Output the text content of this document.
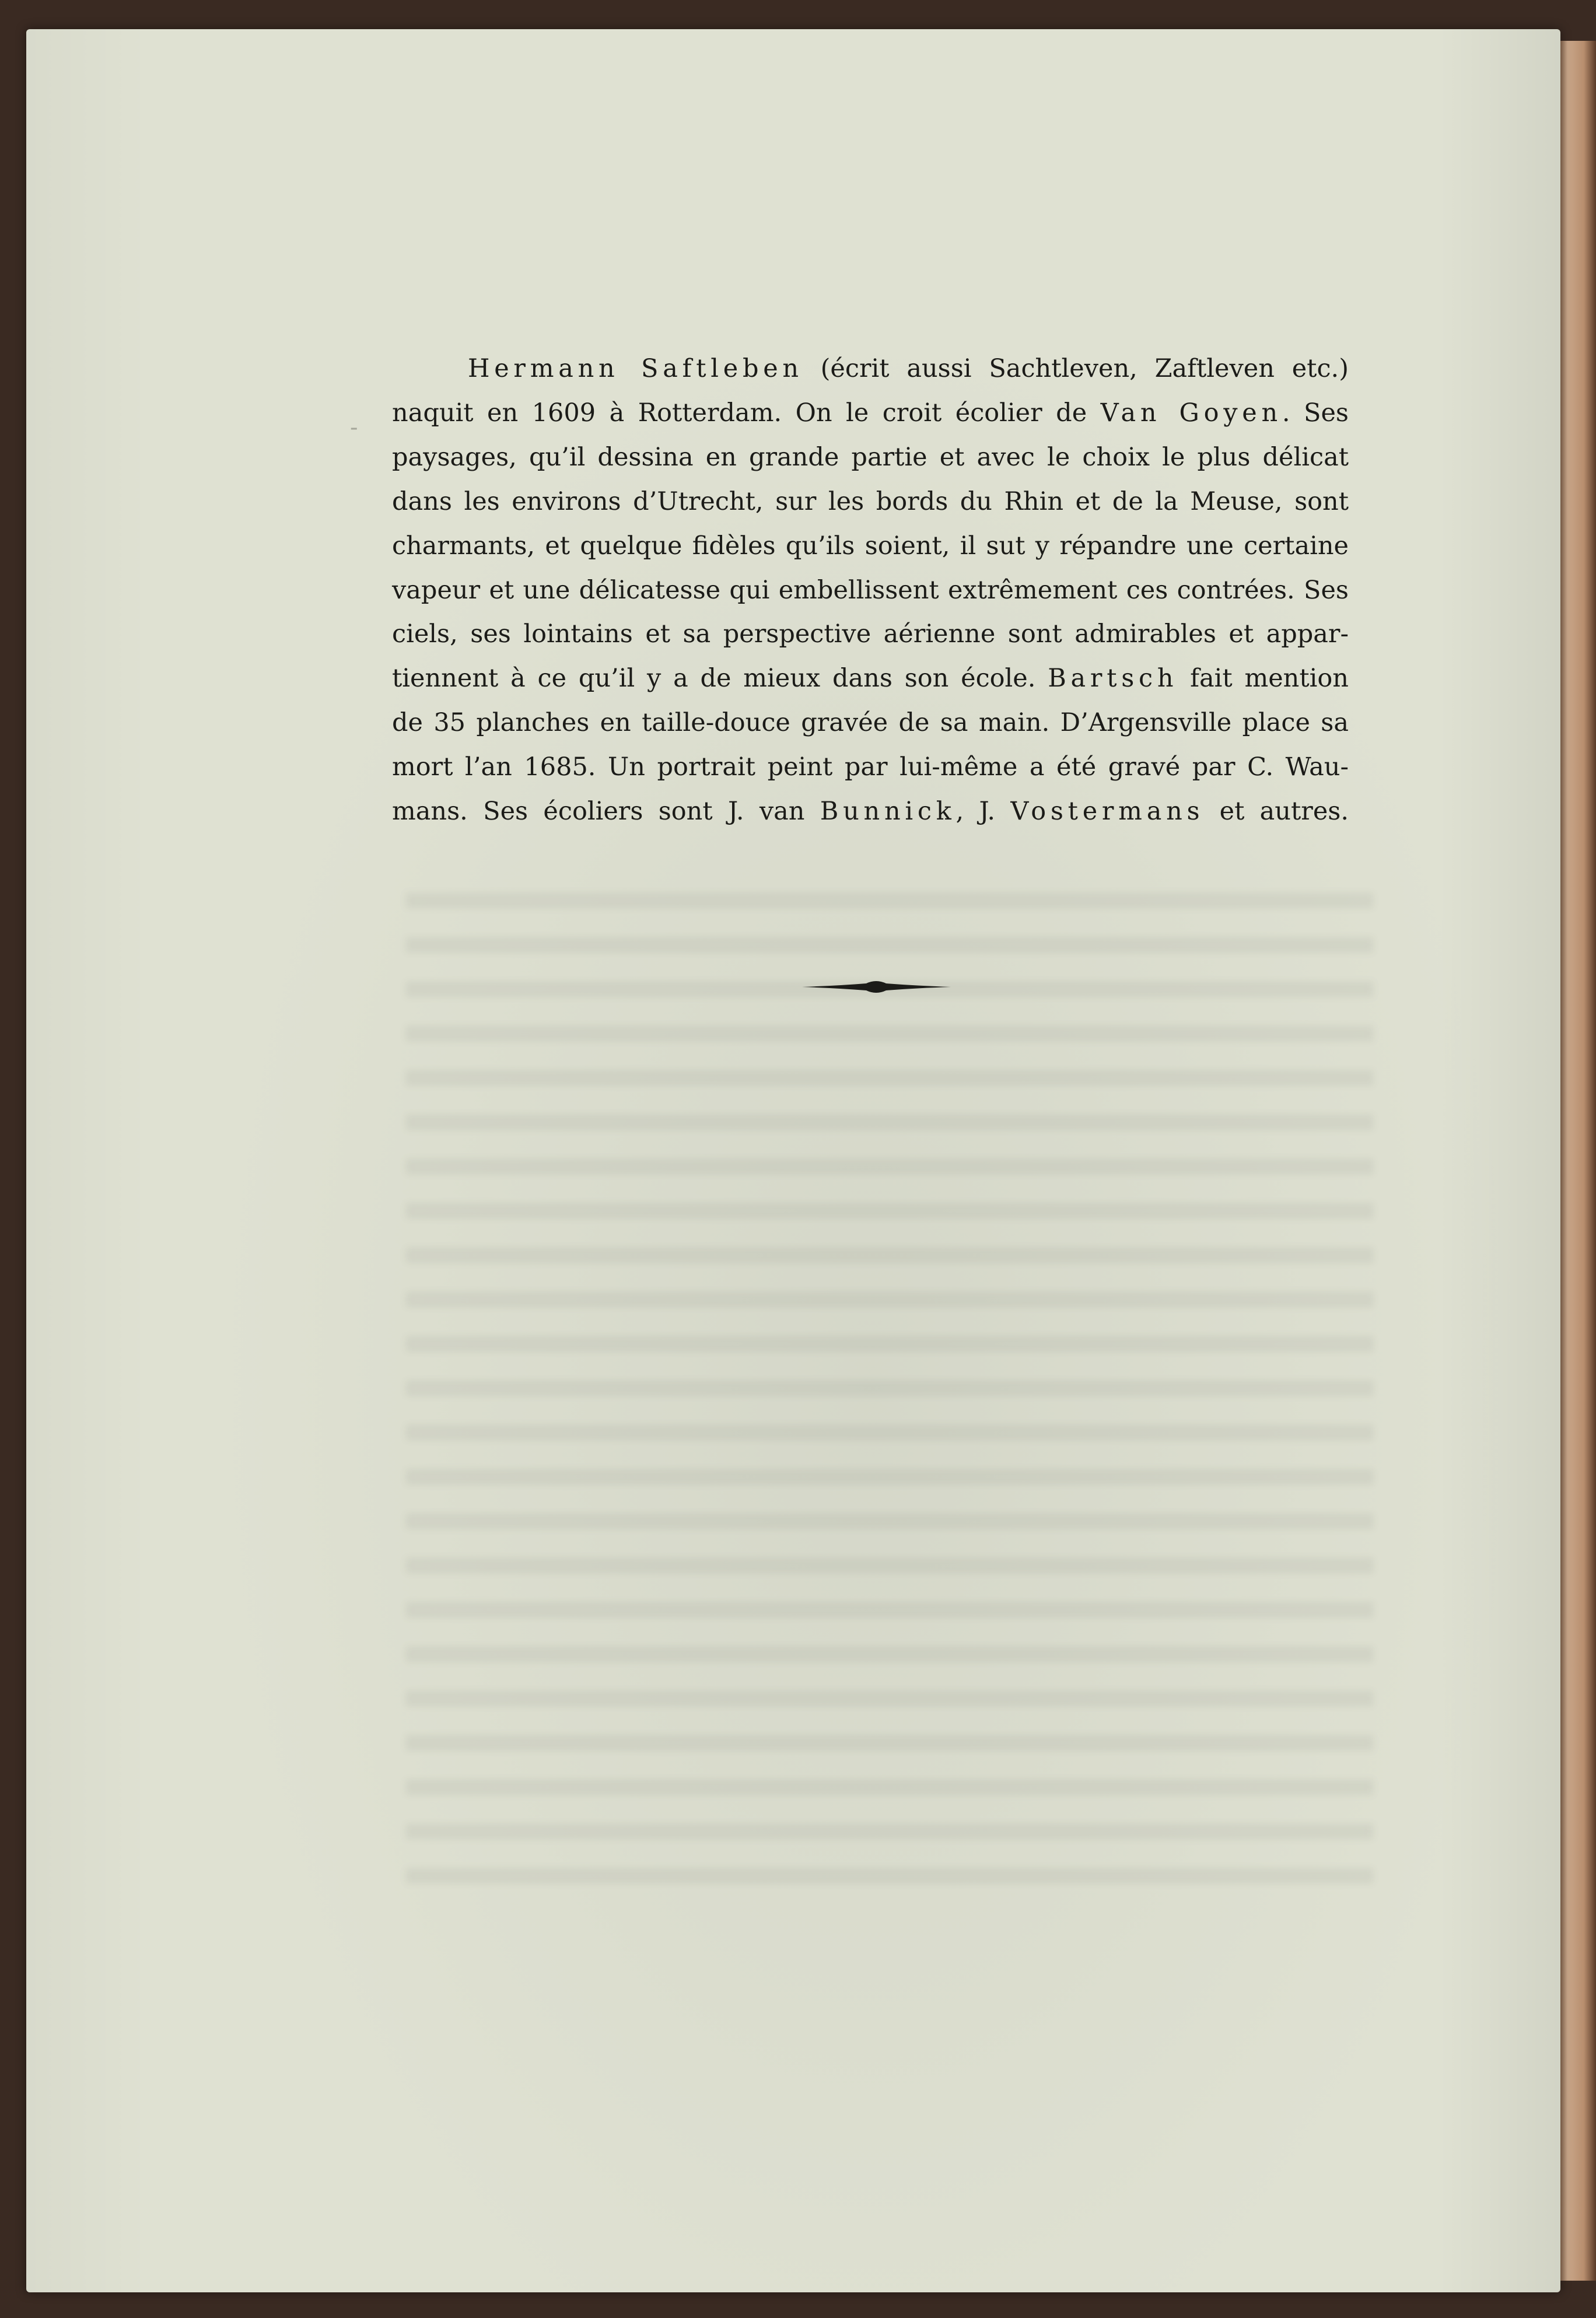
Hermann Saftleben (écrit aussi Sachtleven, Zaftleven etc.)
naquit en 1609 à Rotterdam. On le croit écolier de Van Goyen. Ses
paysages, qu’il dessina en grande partie et avec le choix le plus délicat
dans les environs d’Utrecht, sur les bords du Rhin et de la Meuse, sont
charmants, et quelque fidèles qu’ils soient, il sut y répandre une certaine
vapeur et une délicatesse qui embellissent extrêmement ces contrées. Ses
ciels, ses lointains et sa perspective aérienne sont admirables et appar-
tiennent à ce qu’il y a de mieux dans son école. Bartsch fait mention
de 35 planches en taille-douce gravée de sa main. D’Argensville place sa
mort l’an 1685. Un portrait peint par lui-même a été gravé par C. Wau-
mans. Ses écoliers sont J. van Bunnick, J. Vostermans et autres.
-
